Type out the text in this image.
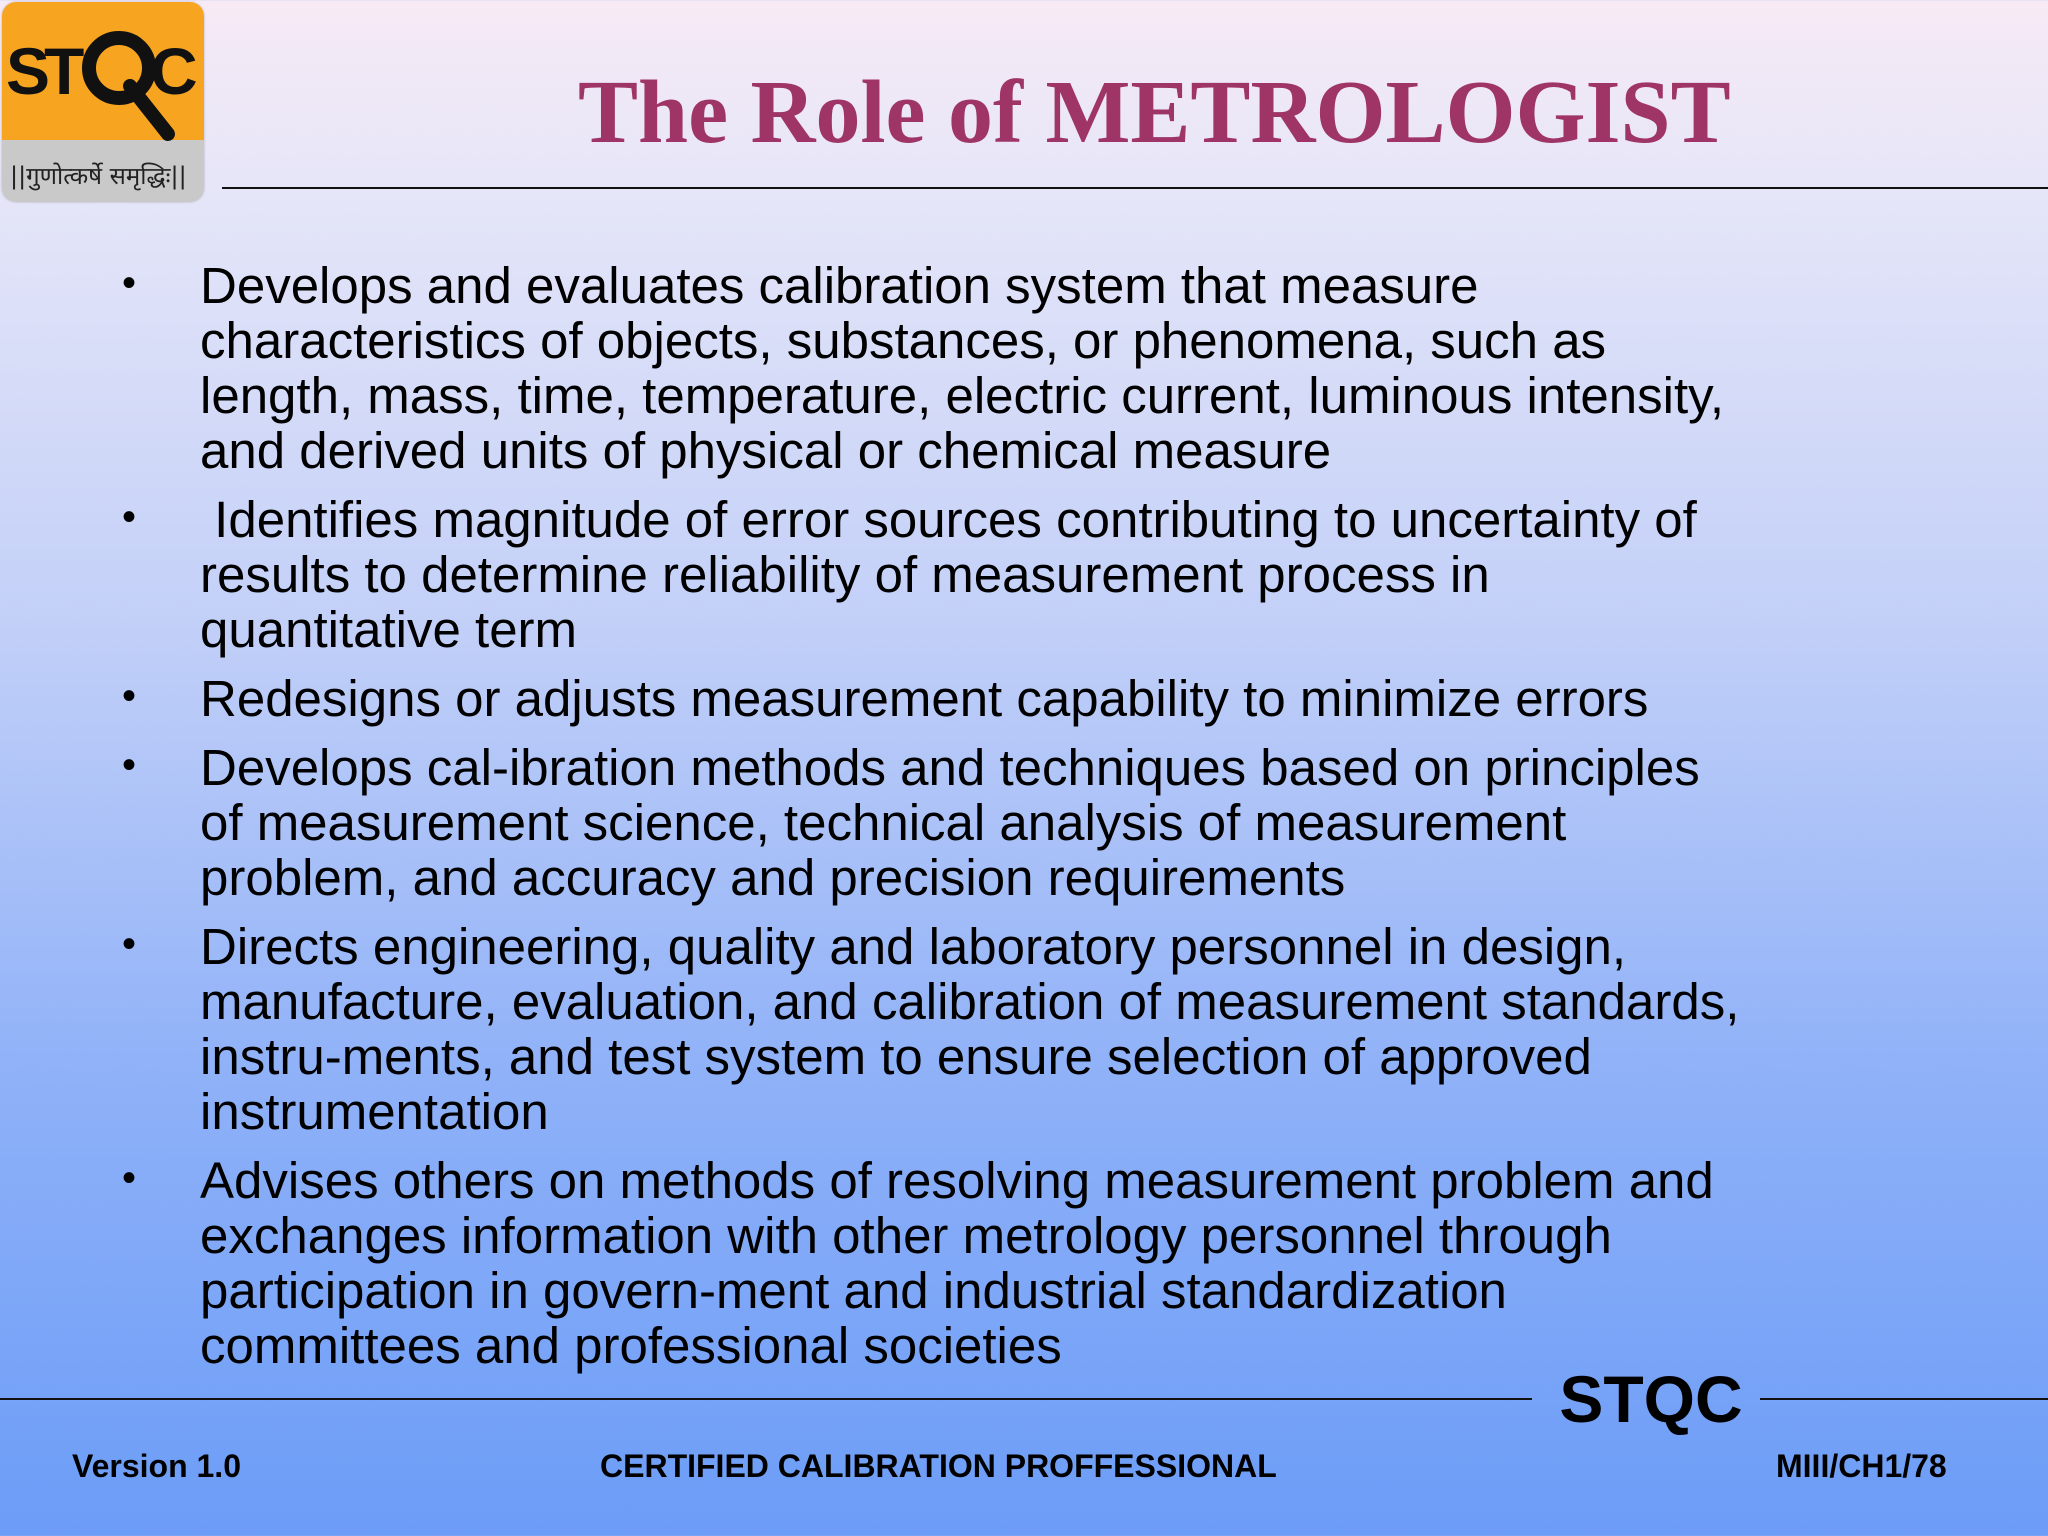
ST C
||गुणोत्कर्षे समृद्धिः||
The Role of METROLOGIST
• Develops and evaluates calibration system that measure
characteristics of objects, substances, or phenomena, such as
length, mass, time, temperature, electric current, luminous intensity,
and derived units of physical or chemical measure
• Identifies magnitude of error sources contributing to uncertainty of
results to determine reliability of measurement process in
quantitative term
• Redesigns or adjusts measurement capability to minimize errors
• Develops cal-ibration methods and techniques based on principles
of measurement science, technical analysis of measurement
problem, and accuracy and precision requirements
• Directs engineering, quality and laboratory personnel in design,
manufacture, evaluation, and calibration of measurement standards,
instru-ments, and test system to ensure selection of approved
instrumentation
• Advises others on methods of resolving measurement problem and
exchanges information with other metrology personnel through
participation in govern-ment and industrial standardization
committees and professional societies
STQC
Version 1.0	CERTIFIED CALIBRATION PROFFESSIONAL	MIII/CH1/78
